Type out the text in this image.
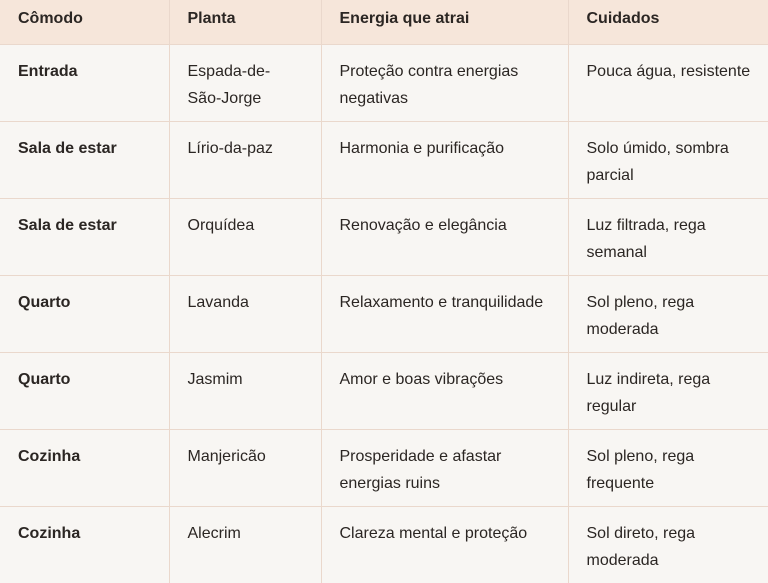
Cômodo	Planta	Energia que atrai	Cuidados
Entrada	Espada-de-São-Jorge	Proteção contra energias negativas	Pouca água, resistente
Sala de estar	Lírio-da-paz	Harmonia e purificação	Solo úmido, sombra parcial
Sala de estar	Orquídea	Renovação e elegância	Luz filtrada, rega semanal
Quarto	Lavanda	Relaxamento e tranquilidade	Sol pleno, rega moderada
Quarto	Jasmim	Amor e boas vibrações	Luz indireta, rega regular
Cozinha	Manjericão	Prosperidade e afastar energias ruins	Sol pleno, rega frequente
Cozinha	Alecrim	Clareza mental e proteção	Sol direto, rega moderada
